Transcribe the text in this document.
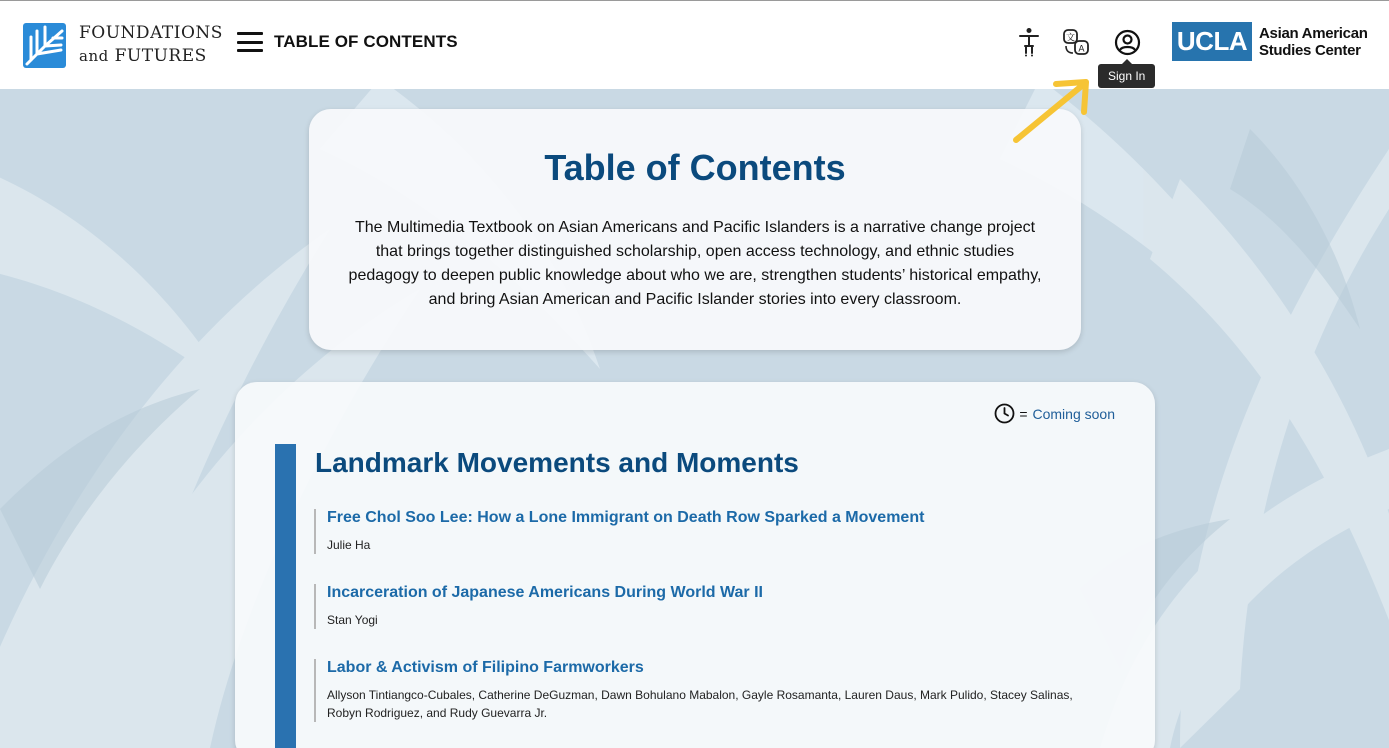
FOUNDATIONS
and FUTURES
TABLE OF CONTENTS	文
A	UCLA Asian American
Studies Center
Sign In
Table of Contents

The Multimedia Textbook on Asian Americans and Pacific Islanders is a narrative change project that brings together distinguished scholarship, open access technology, and ethnic studies pedagogy to deepen public knowledge about who we are, strengthen students’ historical empathy, and bring Asian American and Pacific Islander stories into every classroom.

= Coming soon
Landmark Movements and Moments
Free Chol Soo Lee: How a Lone Immigrant on Death Row Sparked a Movement
Julie Ha
Incarceration of Japanese Americans During World War II
Stan Yogi
Labor & Activism of Filipino Farmworkers
Allyson Tintiangco-Cubales, Catherine DeGuzman, Dawn Bohulano Mabalon, Gayle Rosamanta, Lauren Daus, Mark Pulido, Stacey Salinas, Robyn Rodriguez, and Rudy Guevarra Jr.
